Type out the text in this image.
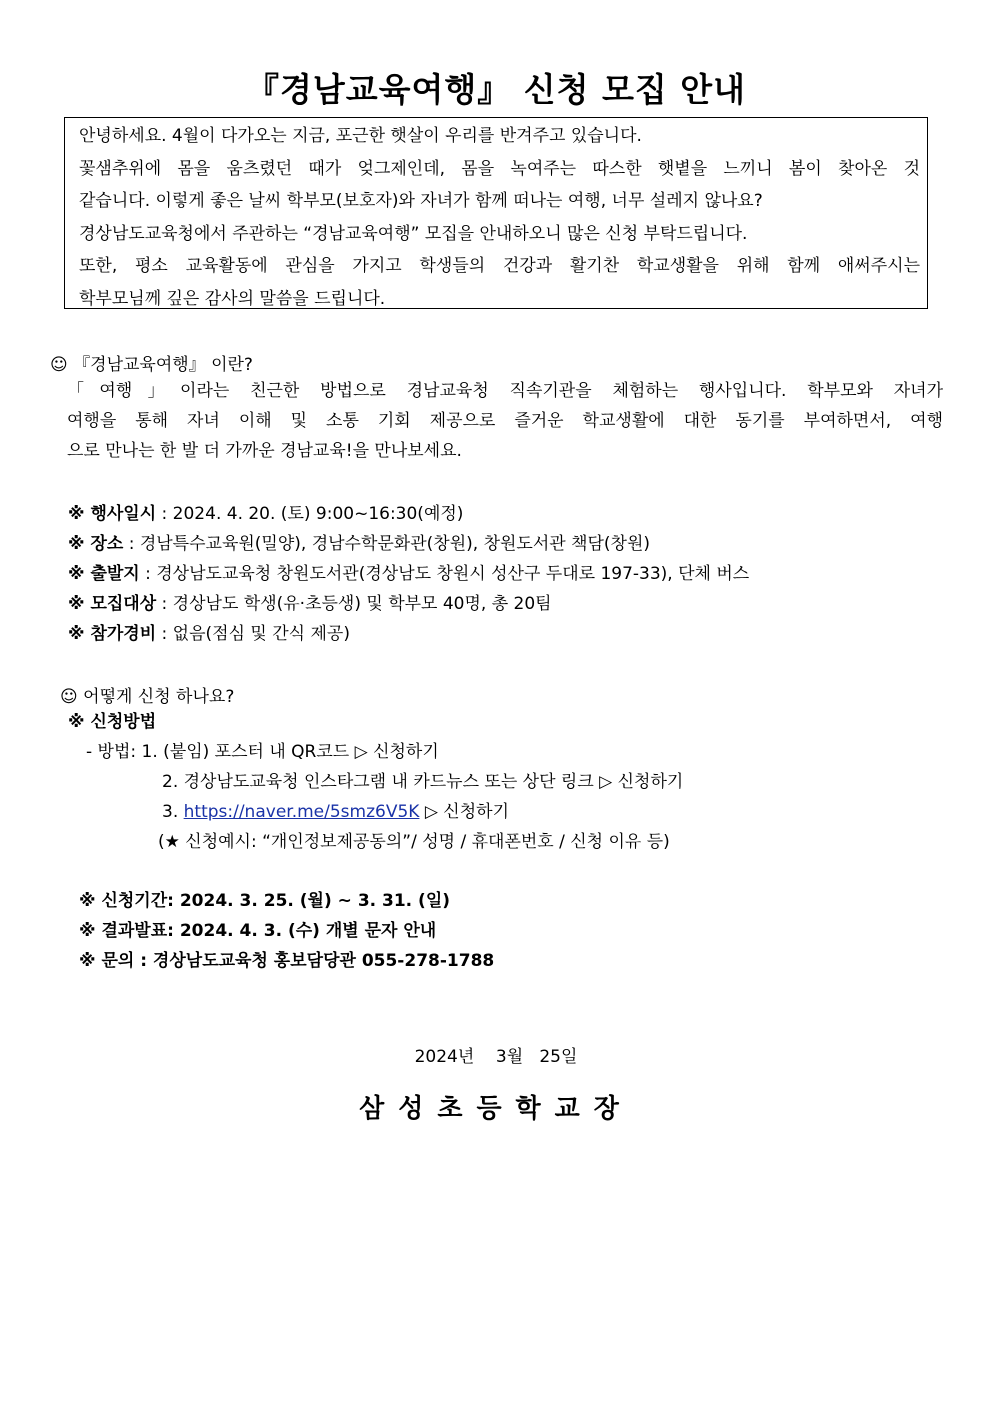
『경남교육여행』 신청 모집 안내
안녕하세요. 4월이 다가오는 지금, 포근한 햇살이 우리를 반겨주고 있습니다.
꽃샘추위에 몸을 움츠렸던 때가 엊그제인데, 몸을 녹여주는 따스한 햇볕을 느끼니 봄이 찾아온 것
같습니다. 이렇게 좋은 날씨 학부모(보호자)와 자녀가 함께 떠나는 여행, 너무 설레지 않나요?
경상남도교육청에서 주관하는 “경남교육여행” 모집을 안내하오니 많은 신청 부탁드립니다.
또한, 평소 교육활동에 관심을 가지고 학생들의 건강과 활기찬 학교생활을 위해 함께 애써주시는
학부모님께 깊은 감사의 말씀을 드립니다.
☺ 『경남교육여행』 이란?
「여행」이라는 친근한 방법으로 경남교육청 직속기관을 체험하는 행사입니다. 학부모와 자녀가
여행을 통해 자녀 이해 및 소통 기회 제공으로 즐거운 학교생활에 대한 동기를 부여하면서, 여행
으로 만나는 한 발 더 가까운 경남교육!을 만나보세요.
※ 행사일시 : 2024. 4. 20. (토) 9:00~16:30(예정)
※ 장소 : 경남특수교육원(밀양), 경남수학문화관(창원), 창원도서관 책담(창원)
※ 출발지 : 경상남도교육청 창원도서관(경상남도 창원시 성산구 두대로 197-33), 단체 버스
※ 모집대상 : 경상남도 학생(유·초등생) 및 학부모 40명, 총 20팀
※ 참가경비 : 없음(점심 및 간식 제공)
☺ 어떻게 신청 하나요?
※ 신청방법
- 방법: 1. (붙임) 포스터 내 QR코드 ▷ 신청하기
2. 경상남도교육청 인스타그램 내 카드뉴스 또는 상단 링크 ▷ 신청하기
3. https://naver.me/5smz6V5K ▷ 신청하기
(★ 신청예시: “개인정보제공동의”/ 성명 / 휴대폰번호 / 신청 이유 등)
※ 신청기간: 2024. 3. 25. (월) ~ 3. 31. (일)
※ 결과발표: 2024. 4. 3. (수) 개별 문자 안내
※ 문의 : 경상남도교육청 홍보담당관 055-278-1788
2024년    3월   25일
삼성초등학교장
